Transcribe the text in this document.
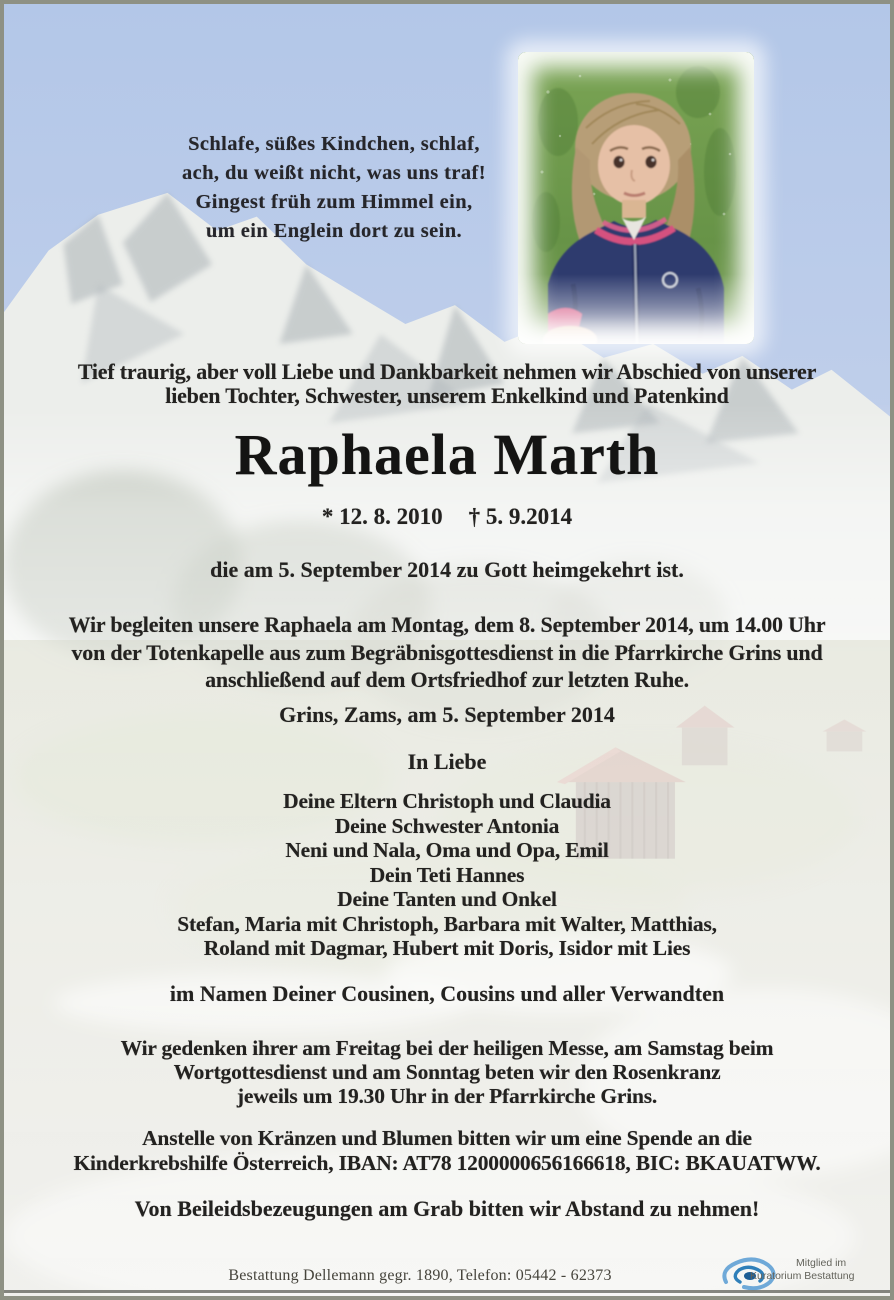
Schlafe, süßes Kindchen, schlaf,
ach, du weißt nicht, was uns traf!
Gingest früh zum Himmel ein,
um ein Englein dort zu sein.
Tief traurig, aber voll Liebe und Dankbarkeit nehmen wir Abschied von unserer
lieben Tochter, Schwester, unserem Enkelkind und Patenkind
Raphaela Marth
* 12. 8. 2010 † 5. 9.2014
die am 5. September 2014 zu Gott heimgekehrt ist.
Wir begleiten unsere Raphaela am Montag, dem 8. September 2014, um 14.00 Uhr
von der Totenkapelle aus zum Begräbnisgottesdienst in die Pfarrkirche Grins und
anschließend auf dem Ortsfriedhof zur letzten Ruhe.
Grins, Zams, am 5. September 2014
In Liebe
Deine Eltern Christoph und Claudia
Deine Schwester Antonia
Neni und Nala, Oma und Opa, Emil
Dein Teti Hannes
Deine Tanten und Onkel
Stefan, Maria mit Christoph, Barbara mit Walter, Matthias,
Roland mit Dagmar, Hubert mit Doris, Isidor mit Lies
im Namen Deiner Cousinen, Cousins und aller Verwandten
Wir gedenken ihrer am Freitag bei der heiligen Messe, am Samstag beim
Wortgottesdienst und am Sonntag beten wir den Rosenkranz
jeweils um 19.30 Uhr in der Pfarrkirche Grins.
Anstelle von Kränzen und Blumen bitten wir um eine Spende an die
Kinderkrebshilfe Österreich, IBAN: AT78 1200000656166618, BIC: BKAUATWW.
Von Beileidsbezeugungen am Grab bitten wir Abstand zu nehmen!
Bestattung Dellemann gegr. 1890, Telefon: 05442 - 62373
Mitglied im
Kuratorium Bestattung
